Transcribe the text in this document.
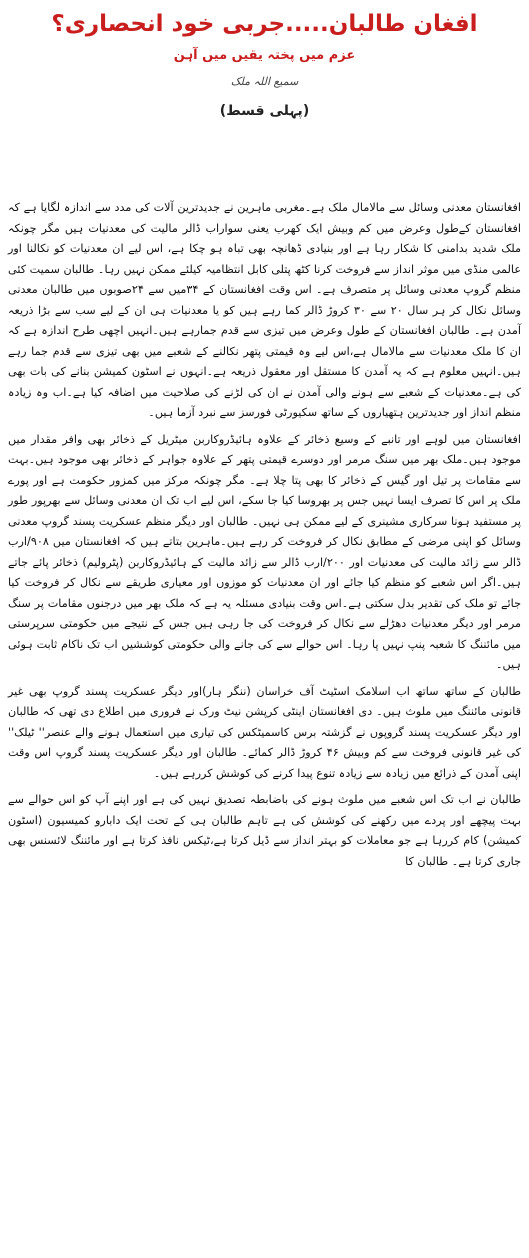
افغان طالبان.....جربی خود انحصاری؟

عزم میں پختہ یقیں میں آہن

سمیع اللہ ملک

(پہلی قسط)

افغانستان معدنی وسائل سے مالامال ملک ہے۔مغربی ماہرین نے جدیدترین آلات کی مدد سے اندازہ لگایا ہے کہ افغانستان کےطول وعرض میں کم وبیش ایک کھرب یعنی سواراب ڈالر مالیت کی معدنیات ہیں مگر چونکہ ملک شدید بدامنی کا شکار رہا ہے اور بنیادی ڈھانچہ بھی تباہ ہو چکا ہے، اس لیے ان معدنیات کو نکالنا اور عالمی منڈی میں موثر انداز سے فروخت کرنا کٹھ پتلی کابل انتظامیہ کیلئے ممکن نہیں رہا۔ طالبان سمیت کئی منظم گروپ معدنی وسائل پر متصرف ہے۔ اس وقت افغانستان کے ۳۴میں سے ۲۴صوبوں میں طالبان معدنی وسائل نکال کر ہر سال ۲۰ سے ۳۰ کروڑ ڈالر کما رہے ہیں کو یا معدنیات ہی ان کے لیے سب سے بڑا ذریعہ آمدن ہے۔ طالبان افغانستان کے طول وعرض میں تیزی سے قدم جمارہے ہیں۔انہیں اچھی طرح اندازہ ہے کہ ان کا ملک معدنیات سے مالامال ہے،اس لیے وہ قیمتی پتھر نکالنے کے شعبے میں بھی تیزی سے قدم جما رہے ہیں۔انہیں معلوم ہے کہ یہ آمدن کا مستقل اور معقول ذریعہ ہے۔انہوں نے اسٹون کمیشن بنانے کی بات بھی کی ہے۔معدنیات کے شعبے سے ہونے والی آمدن نے ان کی لڑنے کی صلاحیت میں اضافہ کیا ہے۔اب وہ زیادہ منظم انداز اور جدیدترین ہتھیاروں کے ساتھ سکیورٹی فورسز سے نبرد آزما ہیں۔

افغانستان میں لوہے اور تانبے کے وسیع ذخائر کے علاوہ ہائیڈروکاربن میٹریل کے ذخائر بھی وافر مقدار میں موجود ہیں۔ملک بھر میں سنگ مرمر اور دوسرے قیمتی پتھر کے علاوہ جواہر کے ذخائر بھی موجود ہیں۔بہت سے مقامات پر تیل اور گیس کے ذخائر کا بھی پتا چلا ہے۔ مگر چونکہ مرکز میں کمزور حکومت ہے اور پورے ملک پر اس کا تصرف ایسا نہیں جس پر بھروسا کیا جا سکے، اس لیے اب تک ان معدنی وسائل سے بھرپور طور پر مستفید ہونا سرکاری مشینری کے لیے ممکن ہی نہیں۔ طالبان اور دیگر منظم عسکریت پسند گروپ معدنی وسائل کو اپنی مرضی کے مطابق نکال کر فروخت کر رہے ہیں۔ماہرین بتاتے ہیں کہ افغانستان میں ۹۰۸/ارب ڈالر سے زائد مالیت کی معدنیات اور ۲۰۰/ارب ڈالر سے زائد مالیت کے ہائیڈروکاربن (پٹرولیم) ذخائر پائے جاتے ہیں۔اگر اس شعبے کو منظم کیا جائے اور ان معدنیات کو موزوں اور معیاری طریقے سے نکال کر فروخت کیا جائے تو ملک کی تقدیر بدل سکتی ہے۔اس وقت بنیادی مسئلہ یہ ہے کہ ملک بھر میں درجنوں مقامات پر سنگ مرمر اور دیگر معدنیات دھڑلے سے نکال کر فروخت کی جا رہی ہیں جس کے نتیجے میں حکومتی سرپرستی میں مائننگ کا شعبہ پنپ نہیں پا رہا۔ اس حوالے سے کی جانے والی حکومتی کوششیں اب تک ناکام ثابت ہوئی ہیں۔

طالبان کے ساتھ ساتھ اب اسلامک اسٹیٹ آف خراسان (ننگر ہار)اور دیگر عسکریت پسند گروپ بھی غیر قانونی مائننگ میں ملوث ہیں۔ دی افغانستان اینٹی کرپشن نیٹ ورک نے فروری میں اطلاع دی تھی کہ طالبان اور دیگر عسکریت پسند گروپوں نے گزشتہ برس کاسمیٹکس کی تیاری میں استعمال ہونے والے عنصر'' ٹیلک'' کی غیر قانونی فروخت سے کم وبیش ۴۶ کروڑ ڈالر کمائے۔ طالبان اور دیگر عسکریت پسند گروپ اس وقت اپنی آمدن کے ذرائع میں زیادہ سے زیادہ تنوع پیدا کرنے کی کوشش کررہے ہیں۔

طالبان نے اب تک اس شعبے میں ملوث ہونے کی باضابطہ تصدیق نہیں کی ہے اور اپنے آپ کو اس حوالے سے بہت پیچھے اور پردے میں رکھنے کی کوشش کی ہے تاہم طالبان ہی کے تحت ایک دابارو کمیسیون (اسٹون کمیشن) کام کررہا ہے جو معاملات کو بہتر انداز سے ڈیل کرتا ہے،ٹیکس نافذ کرتا ہے اور مائننگ لائسنس بھی جاری کرتا ہے۔ طالبان کا
